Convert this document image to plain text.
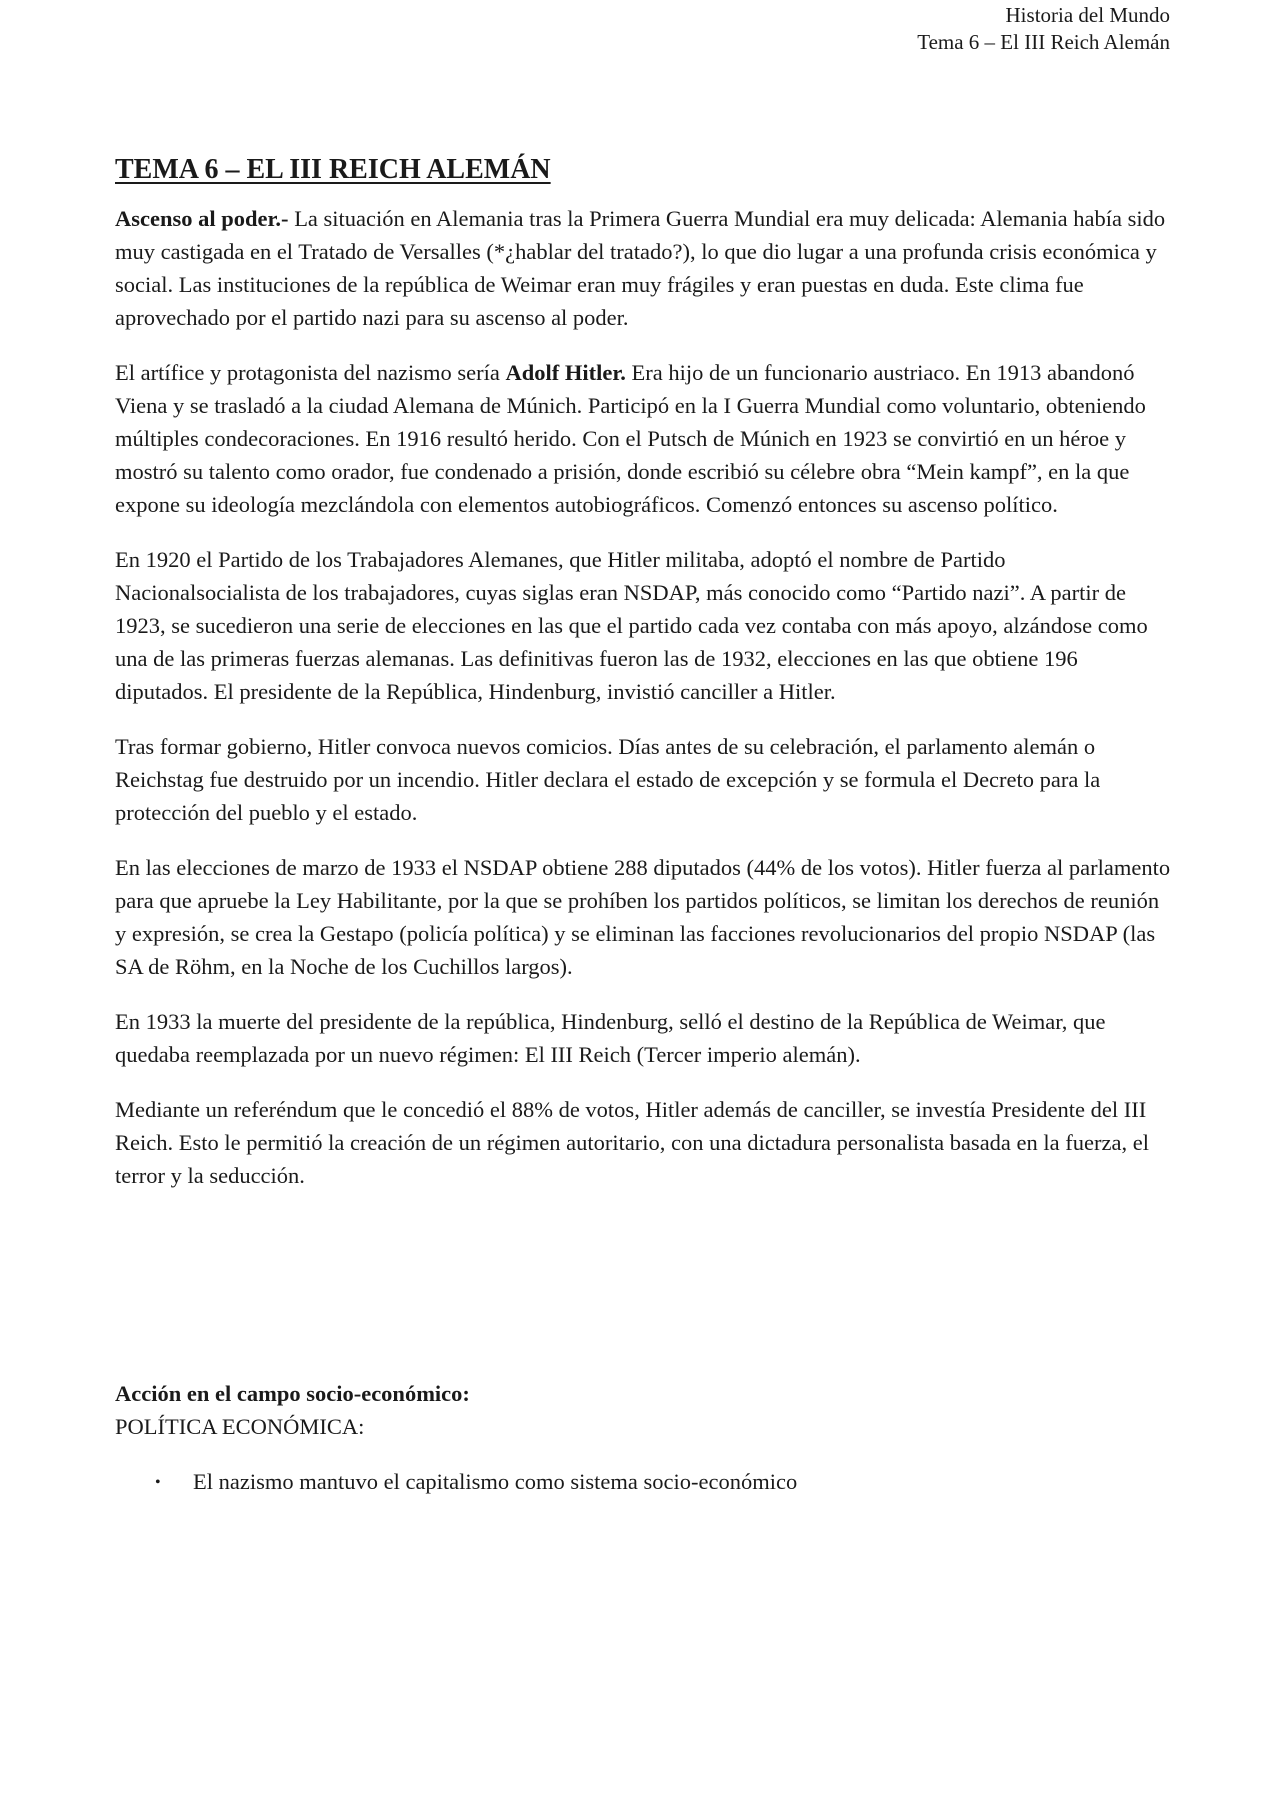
Historia del Mundo
Tema 6 – El III Reich Alemán
TEMA 6 – EL III REICH ALEMÁN

Ascenso al poder.- La situación en Alemania tras la Primera Guerra Mundial era muy delicada: Alemania había sido muy castigada en el Tratado de Versalles (*¿hablar del tratado?), lo que dio lugar a una profunda crisis económica y social. Las instituciones de la república de Weimar eran muy frágiles y eran puestas en duda. Este clima fue aprovechado por el partido nazi para su ascenso al poder.

El artífice y protagonista del nazismo sería Adolf Hitler. Era hijo de un funcionario austriaco. En 1913 abandonó Viena y se trasladó a la ciudad Alemana de Múnich. Participó en la I Guerra Mundial como voluntario, obteniendo múltiples condecoraciones. En 1916 resultó herido. Con el Putsch de Múnich en 1923 se convirtió en un héroe y mostró su talento como orador, fue condenado a prisión, donde escribió su célebre obra “Mein kampf”, en la que expone su ideología mezclándola con elementos autobiográficos. Comenzó entonces su ascenso político.

En 1920 el Partido de los Trabajadores Alemanes, que Hitler militaba, adoptó el nombre de Partido Nacionalsocialista de los trabajadores, cuyas siglas eran NSDAP, más conocido como “Partido nazi”. A partir de 1923, se sucedieron una serie de elecciones en las que el partido cada vez contaba con más apoyo, alzándose como una de las primeras fuerzas alemanas. Las definitivas fueron las de 1932, elecciones en las que obtiene 196 diputados. El presidente de la República, Hindenburg, invistió canciller a Hitler.

Tras formar gobierno, Hitler convoca nuevos comicios. Días antes de su celebración, el parlamento alemán o Reichstag fue destruido por un incendio. Hitler declara el estado de excepción y se formula el Decreto para la protección del pueblo y el estado.

En las elecciones de marzo de 1933 el NSDAP obtiene 288 diputados (44% de los votos). Hitler fuerza al parlamento para que apruebe la Ley Habilitante, por la que se prohíben los partidos políticos, se limitan los derechos de reunión y expresión, se crea la Gestapo (policía política) y se eliminan las facciones revolucionarios del propio NSDAP (las SA de Röhm, en la Noche de los Cuchillos largos).

En 1933 la muerte del presidente de la república, Hindenburg, selló el destino de la República de Weimar, que quedaba reemplazada por un nuevo régimen: El III Reich (Tercer imperio alemán).

Mediante un referéndum que le concedió el 88% de votos, Hitler además de canciller, se investía Presidente del III Reich. Esto le permitió la creación de un régimen autoritario, con una dictadura personalista basada en la fuerza, el terror y la seducción.

Acción en el campo socio-económico:

POLÍTICA ECONÓMICA:

• El nazismo mantuvo el capitalismo como sistema socio-económico
